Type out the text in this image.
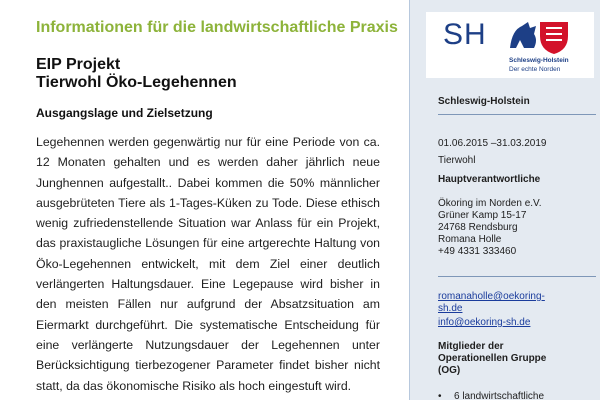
Informationen für die landwirtschaftliche Praxis

EIP Projekt
Tierwohl Öko-Legehennen
Ausgangslage und Zielsetzung

Legehennen werden gegenwärtig nur für eine Periode von ca. 12 Monaten gehalten und es werden daher jährlich neue Junghennen aufgestallt.. Dabei kommen die 50% männlicher ausgebrüteten Tiere als 1-Tages-Küken zu Tode. Diese ethisch wenig zufriedenstellende Situation war Anlass für ein Projekt, das praxistaugliche Lösungen für eine artgerechte Haltung von Öko-Legehennen entwickelt, mit dem Ziel einer deutlich verlängerten Haltungsdauer. Eine Legepause wird bisher in den meisten Fällen nur aufgrund der Absatzsituation am Eiermarkt durchgeführt. Die systematische Entscheidung für eine verlängerte Nutzungsdauer der Legehennen unter Berücksichtigung tierbezogener Parameter findet bisher nicht statt, da das ökonomische Risiko als hoch eingestuft wird.

SH
Schleswig-Holstein
Der echte Norden

Schleswig-Holstein

01.06.2015 –31.03.2019

Tierwohl

Hauptverantwortliche

Ökoring im Norden e.V.

Grüner Kamp 15-17

24768 Rendsburg

Romana Holle

+49 4331 333460

romanaholle@oekoring-
sh.de

info@oekoring-sh.de

Mitglieder der
Operationellen Gruppe
(OG)

• 6 landwirtschaftliche
